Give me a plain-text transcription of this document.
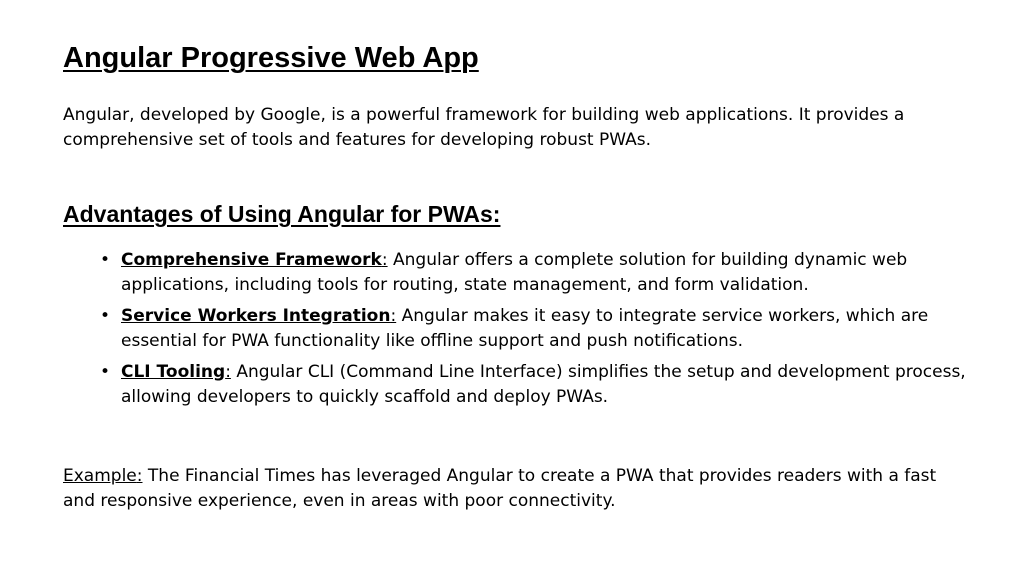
Angular Progressive Web App

Angular, developed by Google, is a powerful framework for building web applications. It provides a comprehensive set of tools and features for developing robust PWAs.

Advantages of Using Angular for PWAs:
• Comprehensive Framework: Angular offers a complete solution for building dynamic web applications, including tools for routing, state management, and form validation.
• Service Workers Integration: Angular makes it easy to integrate service workers, which are essential for PWA functionality like offline support and push notifications.
• CLI Tooling: Angular CLI (Command Line Interface) simplifies the setup and development process, allowing developers to quickly scaffold and deploy PWAs.

Example: The Financial Times has leveraged Angular to create a PWA that provides readers with a fast and responsive experience, even in areas with poor connectivity.
